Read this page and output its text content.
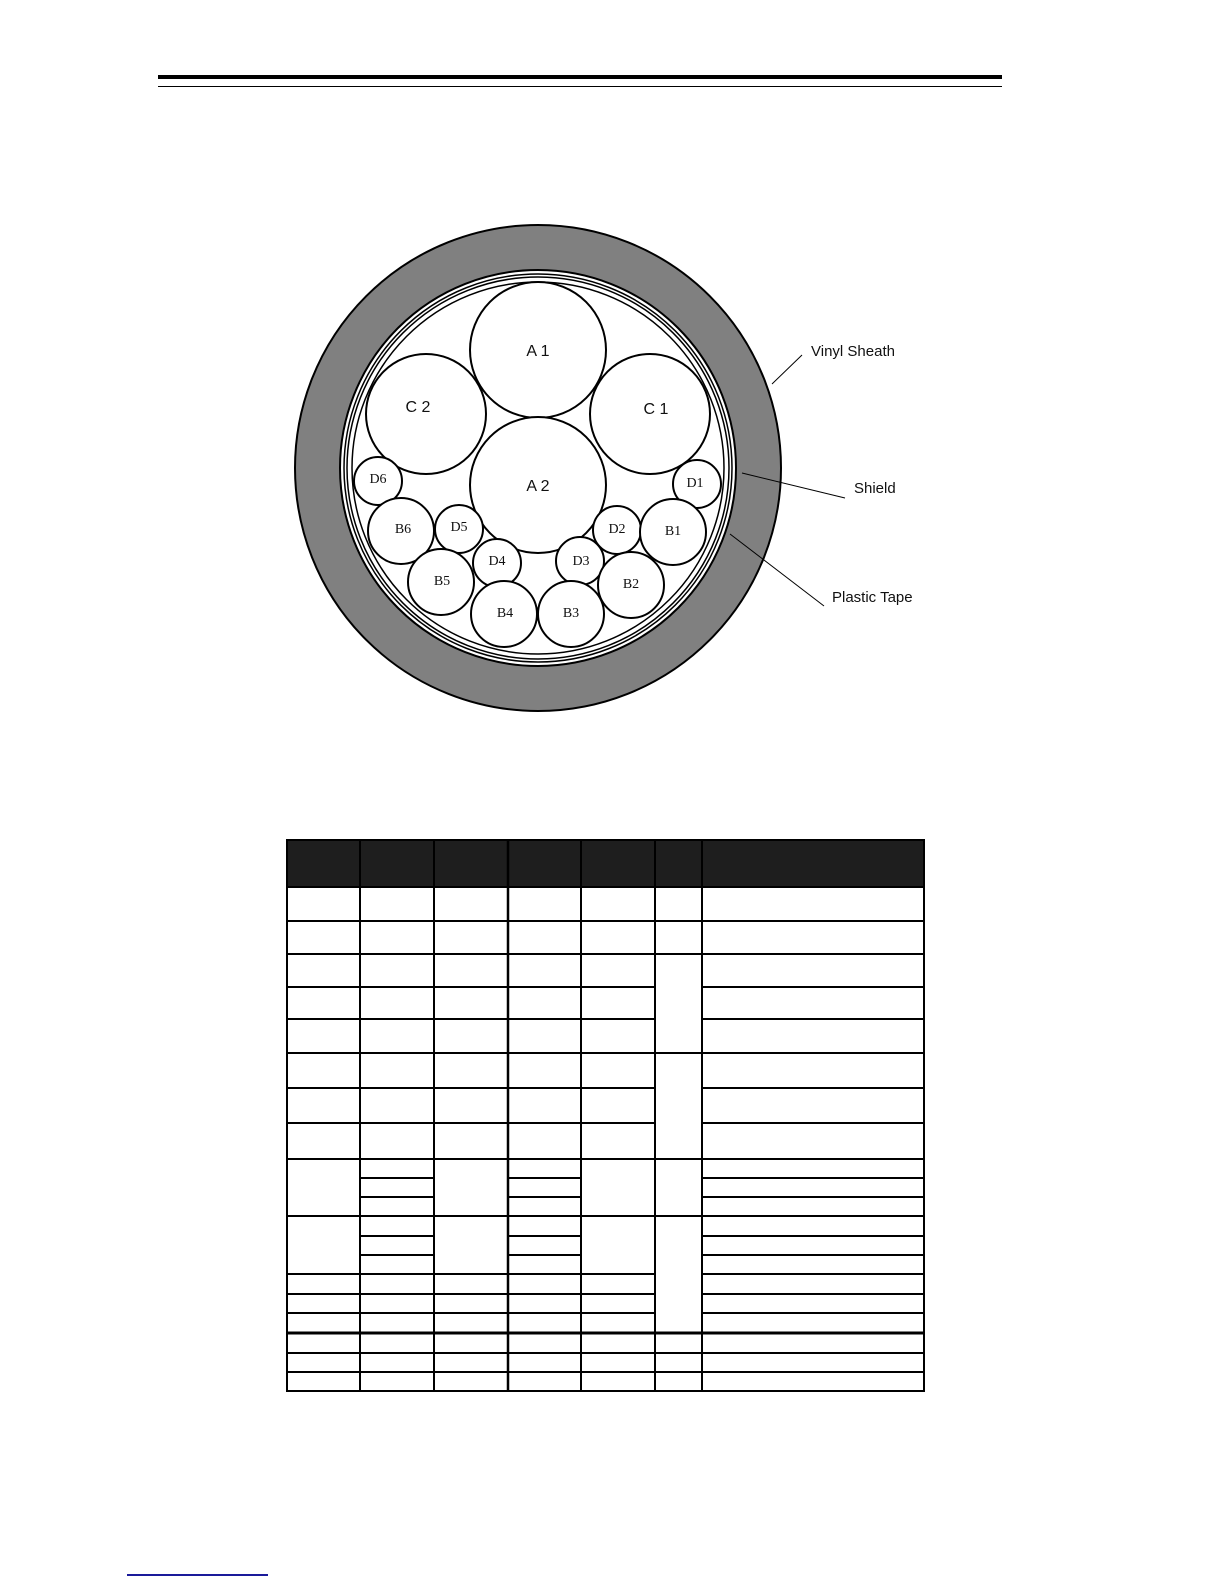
A 1
A 2
C 2	C 1
D6	D1
B6	D5
D4	D3
D2	B1
B5
B4	B3
B2
Vinyl Sheath
Shield
Plastic Tape
